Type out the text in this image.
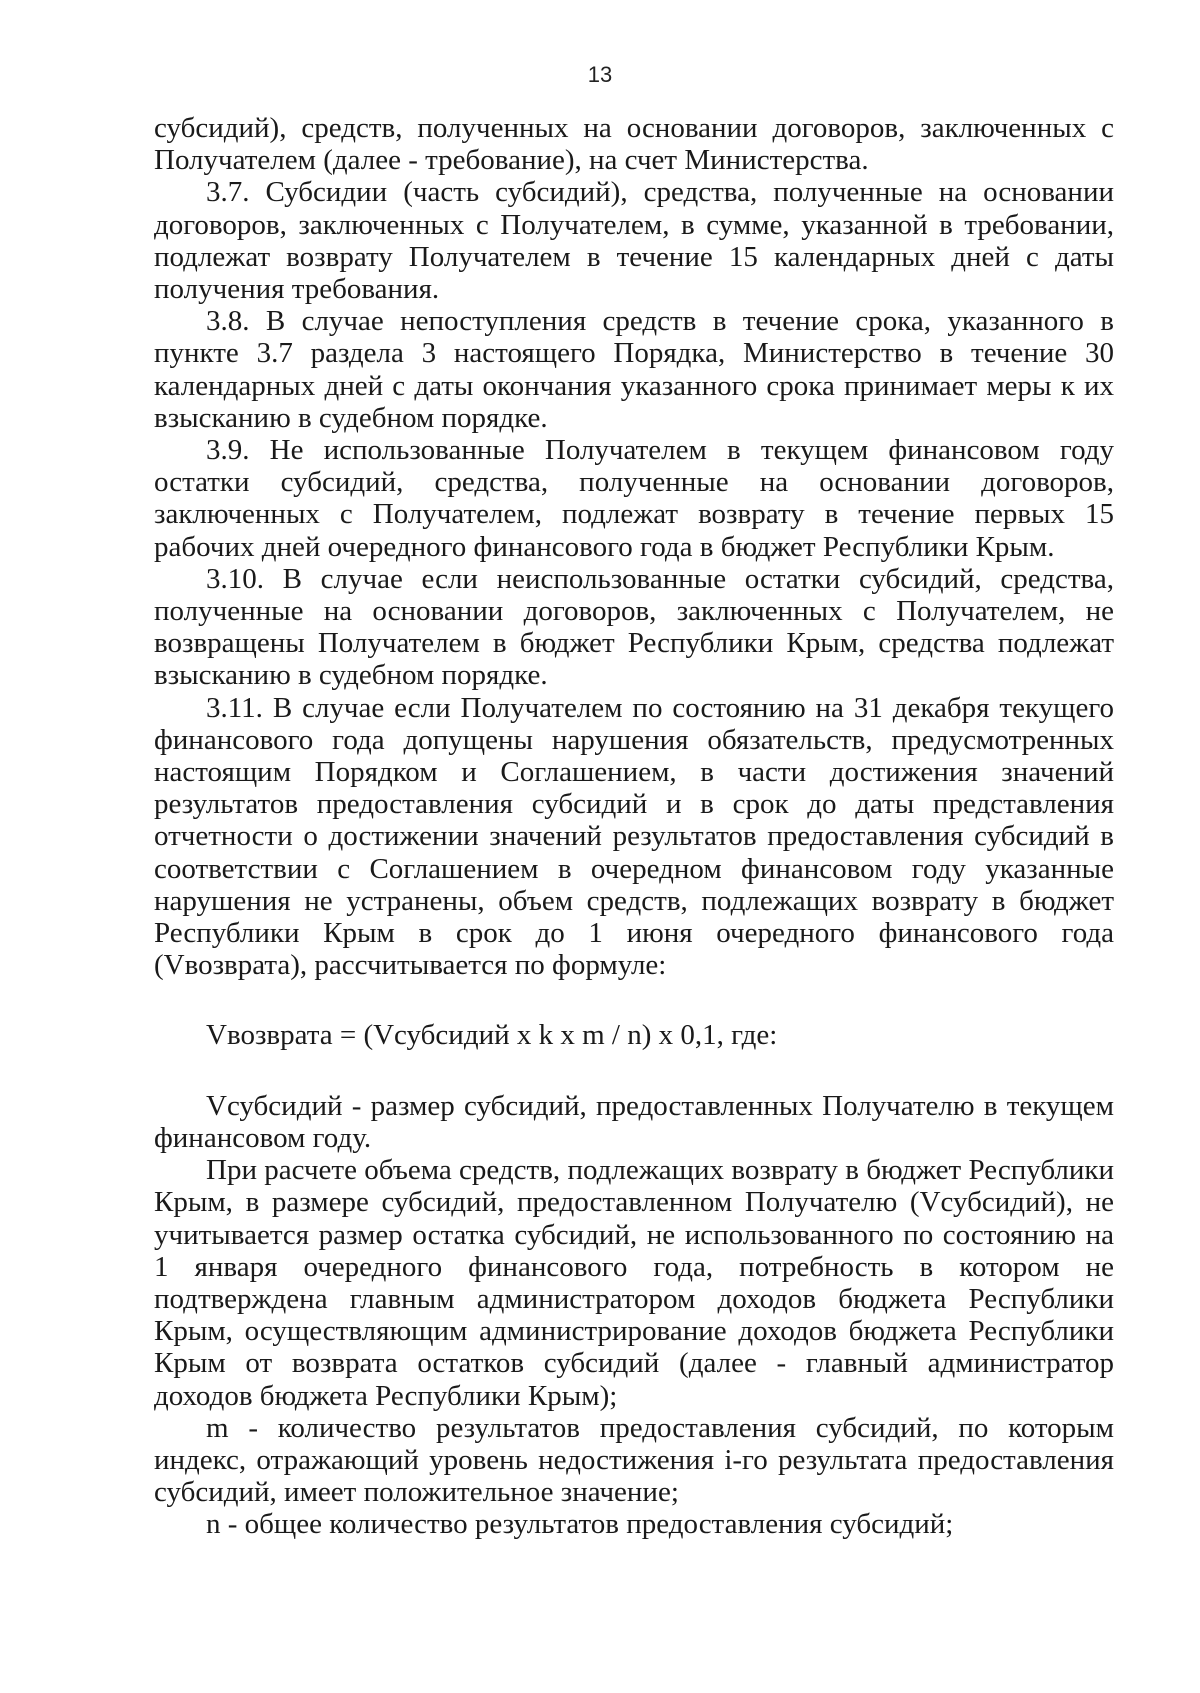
13

субсидий), средств, полученных на основании договоров, заключенных с Получателем (далее - требование), на счет Министерства.

3.7. Субсидии (часть субсидий), средства, полученные на основании договоров, заключенных с Получателем, в сумме, указанной в требовании, подлежат возврату Получателем в течение 15 календарных дней с даты получения требования.

3.8. В случае непоступления средств в течение срока, указанного в пункте 3.7 раздела 3 настоящего Порядка, Министерство в течение 30 календарных дней с даты окончания указанного срока принимает меры к их взысканию в судебном порядке.

3.9. Не использованные Получателем в текущем финансовом году остатки субсидий, средства, полученные на основании договоров, заключенных с Получателем, подлежат возврату в течение первых 15 рабочих дней очередного финансового года в бюджет Республики Крым.

3.10. В случае если неиспользованные остатки субсидий, средства, полученные на основании договоров, заключенных с Получателем, не возвращены Получателем в бюджет Республики Крым, средства подлежат взысканию в судебном порядке.

3.11. В случае если Получателем по состоянию на 31 декабря текущего финансового года допущены нарушения обязательств, предусмотренных настоящим Порядком и Соглашением, в части достижения значений результатов предоставления субсидий и в срок до даты представления отчетности о достижении значений результатов предоставления субсидий в соответствии с Соглашением в очередном финансовом году указанные нарушения не устранены, объем средств, подлежащих возврату в бюджет Республики Крым в срок до 1 июня очередного финансового года (Vвозврата), рассчитывается по формуле:

Vвозврата = (Vсубсидий x k x m / n) x 0,1, где:

Vсубсидий - размер субсидий, предоставленных Получателю в текущем финансовом году.

При расчете объема средств, подлежащих возврату в бюджет Республики Крым, в размере субсидий, предоставленном Получателю (Vсубсидий), не учитывается размер остатка субсидий, не использованного по состоянию на 1 января очередного финансового года, потребность в котором не подтверждена главным администратором доходов бюджета Республики Крым, осуществляющим администрирование доходов бюджета Республики Крым от возврата остатков субсидий (далее - главный администратор доходов бюджета Республики Крым);

m - количество результатов предоставления субсидий, по которым индекс, отражающий уровень недостижения i-го результата предоставления субсидий, имеет положительное значение;

n - общее количество результатов предоставления субсидий;
